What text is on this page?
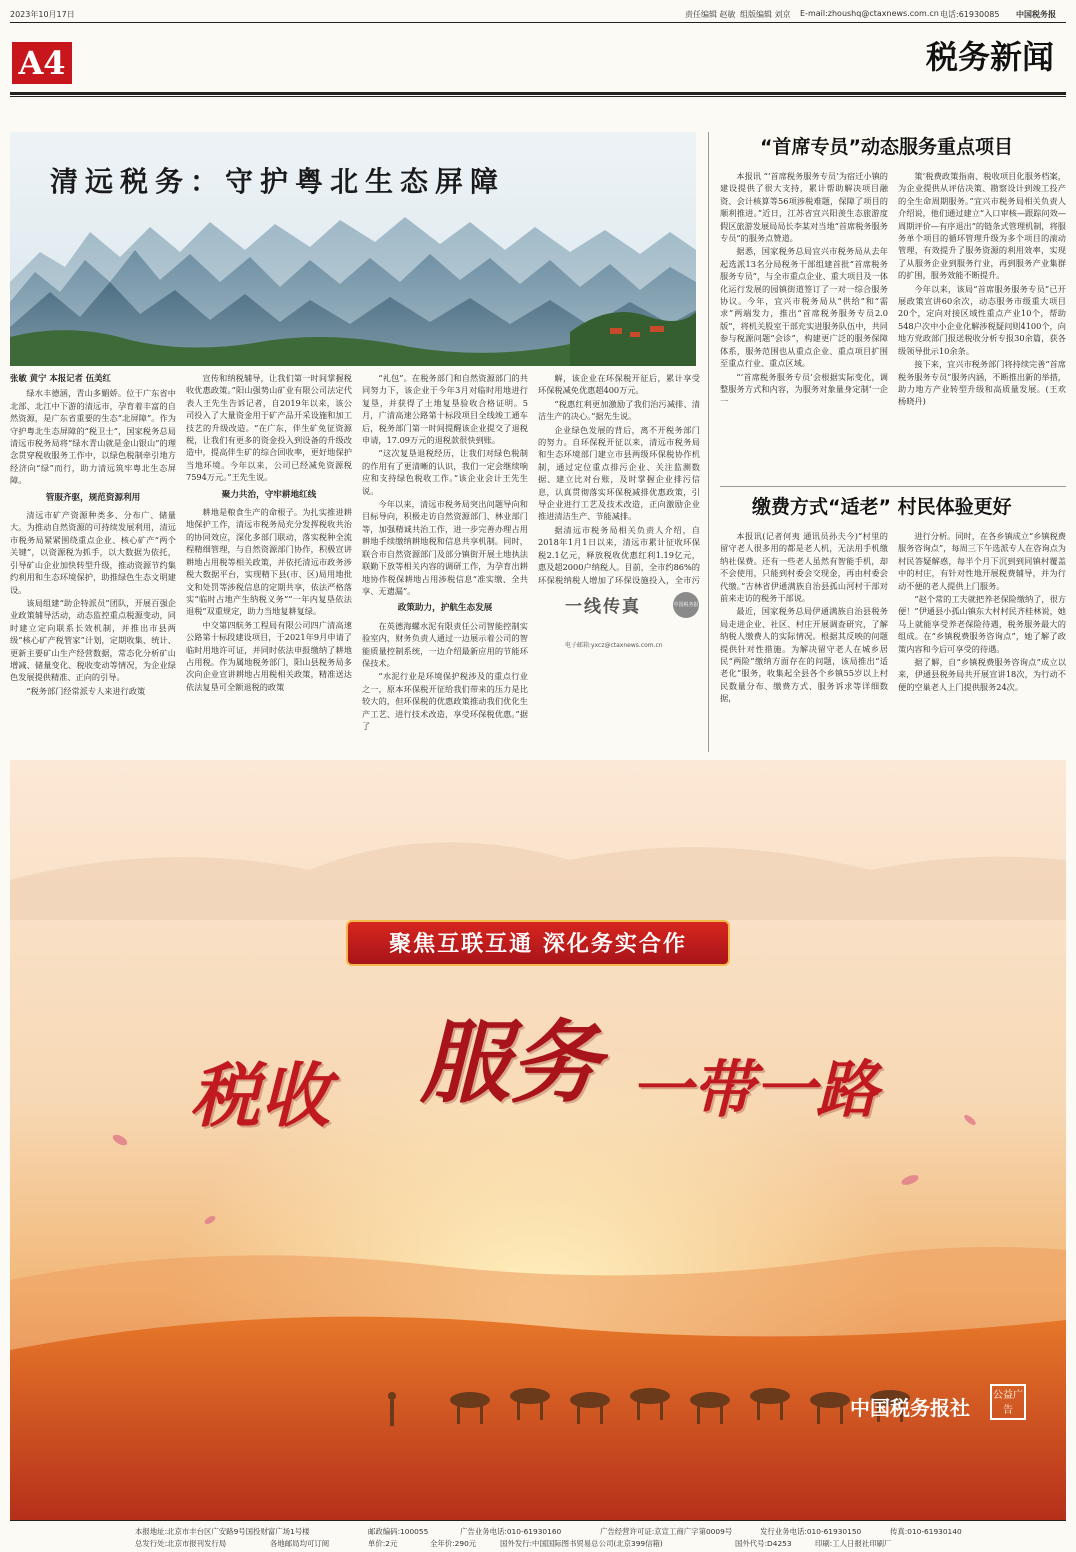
2023年10月17日	责任编辑 赵敏 组版编辑 刘京 E-mail:zhoushq@ctaxnews.com.cn 电话:61930085 中国税务报
A4	税务新闻
清远税务：守护粤北生态屏障

张敏 黄宁 本报记者 伍美红

绿水丰德涵，青山多媚娇。位于广东省中北部、北江中下游的清远市，孕育着丰富的自然资源，是广东省重要的生态“北屏障”。作为守护粤北生态屏障的“税卫士”，国家税务总局清远市税务局将“绿水青山就是金山银山”的理念贯穿税收服务工作中，以绿色税制牵引地方经济向“绿”而行，助力清远筑牢粤北生态屏障。

管服齐驱，规范资源利用

清远市矿产资源种类多、分布广、储量大。为推动自然资源的可持续发展利用，清远市税务局紧紧围绕重点企业、核心矿产“两个关键”，以资源税为抓手，以大数据为依托，引导矿山企业加快转型升级，推动资源节约集约利用和生态环境保护，助推绿色生态文明建设。

该局组建“助企特派员”团队，开展百强企业政策辅导活动，动态监控重点税源变动，同时建立定向联系长效机制，并推出市县两级“核心矿产税管家”计划，定期收集、统计、更新主要矿山生产经营数据，常态化分析矿山增减、储量变化、税收变动等情况，为企业绿色发展提供精准、正向的引导。

“税务部门经常派专人来进行政策

宣传和纳税辅导，让我们第一时间掌握税收优惠政策。”阳山强势山矿业有限公司法定代表人王先生告诉记者，自2019年以来，该公司投入了大量资金用于矿产品开采设施和加工技艺的升级改造。“在广东，伴生矿免征资源税，让我们有更多的资金投入到设备的升级改造中，提高伴生矿的综合回收率，更好地保护当地环境。今年以来，公司已经减免资源税7594万元。”王先生说。

聚力共治，守牢耕地红线

耕地是粮食生产的命根子。为扎实推进耕地保护工作，清远市税务局充分发挥税收共治的协同效应，深化多部门联动，落实税种全流程精细管理，与自然资源部门协作，积极宣讲耕地占用税等相关政策，并依托清远市政务涉税大数据平台，实现精下县(市、区)局用地批文和处罚等涉税信息的定期共享，依法严格落实“临时占地产生纳税义务”“一年内复垦依法退税”双重规定，助力当地复耕复绿。

中交第四航务工程局有限公司四广清高速公路第十标段建设项目，于2021年9月申请了临时用地许可证，并同时依法申报缴纳了耕地占用税。作为属地税务部门，阳山县税务局多次向企业宣讲耕地占用税相关政策，精准送达依法复垦可全额退税的政策

“礼包”。在税务部门和自然资源部门的共同努力下，该企业于今年3月对临时用地进行复垦，并获得了土地复垦验收合格证明。5月，广清高速公路第十标段项目全线竣工通车后，税务部门第一时间提醒该企业提交了退税申请，17.09万元的退税款很快到账。

“这次复垦退税经历，让我们对绿色税制的作用有了更清晰的认识，我们一定会继续响应和支持绿色税收工作。”该企业会计王先生说。

今年以来，清远市税务局突出问题导向和目标导向，积极走访自然资源部门、林业部门等，加强精诚共治工作，进一步完善办理占用耕地手续缴纳耕地税和信息共享机制。同时，联合市自然资源部门及部分镇街开展土地执法联勤下放等相关内容的调研工作，为孕育出耕地协作税保耕地占用涉税信息“准实缴、全共享、无遗漏”。

政策助力，护航生态发展

在英德海螺水泥有限责任公司智能控制实验室内，财务负责人通过一边展示着公司的智能质量控制系统，一边介绍最新应用的节能环保技术。

“水泥行业是环境保护税涉及的重点行业之一，原本环保税开征给我们带来的压力是比较大的，但环保税的优惠政策推动我们优化生产工艺、进行技术改造，享受环保税优惠。”据了

解，该企业在环保税开征后，累计享受环保税减免优惠超400万元。

“税惠红利更加激励了我们治污减排、清洁生产的决心。”据先生说。

企业绿色发展的背后，离不开税务部门的努力。自环保税开征以来，清远市税务局和生态环境部门建立市县两级环保税协作机制，通过定位重点排污企业、关注监测数据、建立比对台账，及时掌握企业排污信息，认真贯彻落实环保税减排优惠政策，引导企业进行工艺及技术改造，正向激励企业推进清洁生产、节能减排。

据清远市税务局相关负责人介绍，自2018年1月1日以来，清远市累计征收环保税2.1亿元，释放税收优惠红利1.19亿元，惠及超2000户纳税人。目前，全市约86%的环保税纳税人增加了环保设施投入，全市污

一线传真	中国税务报
电子邮箱:yxcz@ctaxnews.com.cn
“首席专员”动态服务重点项目

本报讯 “‘首席税务服务专员’为宿迁小镇的建设提供了很大支持，累计帮助解决项目融资、会计核算等56项涉税难题，保障了项目的顺利推进。”近日，江苏省宜兴阳羡生态旅游度假区旅游发展局局长李某对当地“首席税务服务专员”的服务点赞道。

据悉，国家税务总局宜兴市税务局从去年起选派13名分局税务干部组建首批“首席税务服务专员”，与全市重点企业、重大项目及一体化运行发展的园镇街道签订了一对一综合服务协议。今年，宜兴市税务局从“供给”和“需求”两端发力，推出“首席税务服务专员2.0版”，将机关股室干部充实进服务队伍中，共同参与税源问题“会诊”，构建更广泛的服务保障体系，服务范围也从重点企业、重点项目扩围至重点行业、重点区域。

“‘首席税务服务专员’会根据实际变化，调整服务方式和内容，为服务对象量身定制‘一企一

策’税费政策指南、税收项目化服务档案，为企业提供从评估决策、勘察设计到竣工投产的全生命周期服务。”宜兴市税务局相关负责人介绍说，他们通过建立“入口审核—跟踪问效—周期评价—有序退出”的链条式管理机制，将服务单个项目的循环管理升级为多个项目的滚动管理，有效提升了服务资源的利用效率，实现了从服务企业到服务行业，再到服务产业集群的扩围，服务效能不断提升。

今年以来，该局“首席服务服务专员”已开展政策宣讲60余次，动态服务市级重大项目20个，定向对接区域性重点产业10个，帮助548户次中小企业化解涉税疑问则4100个，向地方党政部门报送税收分析专报30余篇，获各级领导批示10余条。

接下来，宜兴市税务部门将持续完善“首席税务服务专员”服务内涵，不断推出新的举措，助力地方产业转型升级和高质量发展。(王欢 杨晓丹)

缴费方式“适老” 村民体验更好

本报讯(记者何夷 通讯员孙夫今)“村里的留守老人很多用的都是老人机，无法用手机缴纳社保费。还有一些老人虽然有智能手机，却不会使用，只能到村委会交现金，再由村委会代缴。”吉林省伊通满族自治县孤山河村干部对前来走访的税务干部说。

最近，国家税务总局伊通满族自治县税务局走进企业、社区、村庄开展调查研究，了解纳税人缴费人的实际情况。根据其反映的问题提供针对性措施。为解决留守老人在城乡居民“两险”缴纳方面存在的问题，该局推出“适老化”服务，收集起全县各个乡镇55岁以上村民数量分布、缴费方式、服务诉求等详细数据，

进行分析。同时，在各乡镇成立“乡镇税费服务咨询点”，每周三下午选派专人在咨询点为村民答疑解惑，每半个月下沉到到同镇村覆盖中的村庄，有针对性地开展税费辅导，并为行动不便的老人提供上门服务。

“赵个常的工夫就把养老保险缴纳了，很方便！”伊通县小孤山镇东大村村民齐桂林说，她马上就能享受养老保险待遇，税务服务最大的组成。在“乡镇税费服务咨询点”，她了解了政策内容和今后可享受的待遇。

据了解，自“乡镇税费服务咨询点”成立以来，伊通县税务局共开展宣讲18次，为行动不便的空巢老人上门提供服务24次。

聚焦互联互通 深化务实合作
税收 服务 一带一路
中国税务报社
公益广告
本报地址:北京市丰台区广安路9号国投财富广场1号楼	邮政编码:100055	广告业务电话:010-61930160	广告经营许可证:京宣工商广字第0009号	发行业务电话:010-61930150	传真:010-61930140
总发行处:北京市报刊发行局	各地邮局均可订阅	单价:2元	全年价:290元	国外发行:中国国际图书贸易总公司(北京399信箱)	国外代号:D4253	印刷:工人日报社印刷厂
